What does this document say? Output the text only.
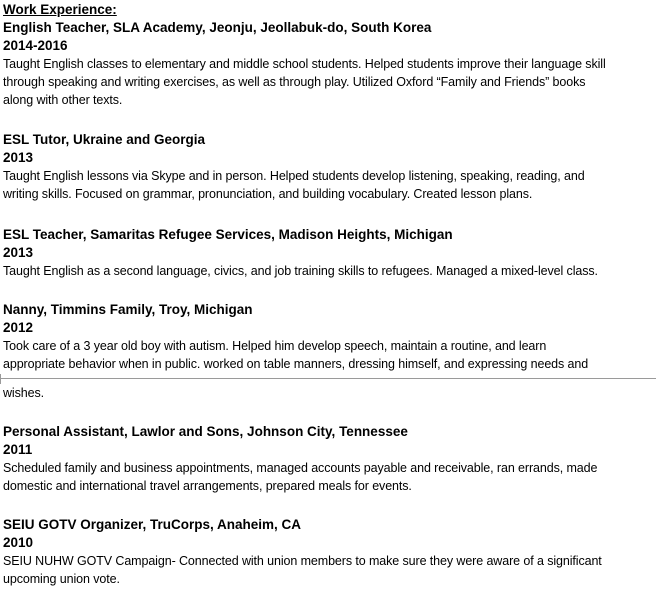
Work Experience:
English Teacher, SLA Academy, Jeonju, Jeollabuk-do, South Korea
2014-2016
Taught English classes to elementary and middle school students. Helped students improve their language skill
through speaking and writing exercises, as well as through play. Utilized Oxford “Family and Friends” books
along with other texts.
ESL Tutor, Ukraine and Georgia
2013
Taught English lessons via Skype and in person. Helped students develop listening, speaking, reading, and
writing skills. Focused on grammar, pronunciation, and building vocabulary. Created lesson plans.
ESL Teacher, Samaritas Refugee Services, Madison Heights, Michigan
2013
Taught English as a second language, civics, and job training skills to refugees. Managed a mixed-level class.
Nanny, Timmins Family, Troy, Michigan
2012
Took care of a 3 year old boy with autism. Helped him develop speech, maintain a routine, and learn
appropriate behavior when in public. worked on table manners, dressing himself, and expressing needs and
wishes.
Personal Assistant, Lawlor and Sons, Johnson City, Tennessee
2011
Scheduled family and business appointments, managed accounts payable and receivable, ran errands, made
domestic and international travel arrangements, prepared meals for events.
SEIU GOTV Organizer, TruCorps, Anaheim, CA
2010
SEIU NUHW GOTV Campaign- Connected with union members to make sure they were aware of a significant
upcoming union vote.
